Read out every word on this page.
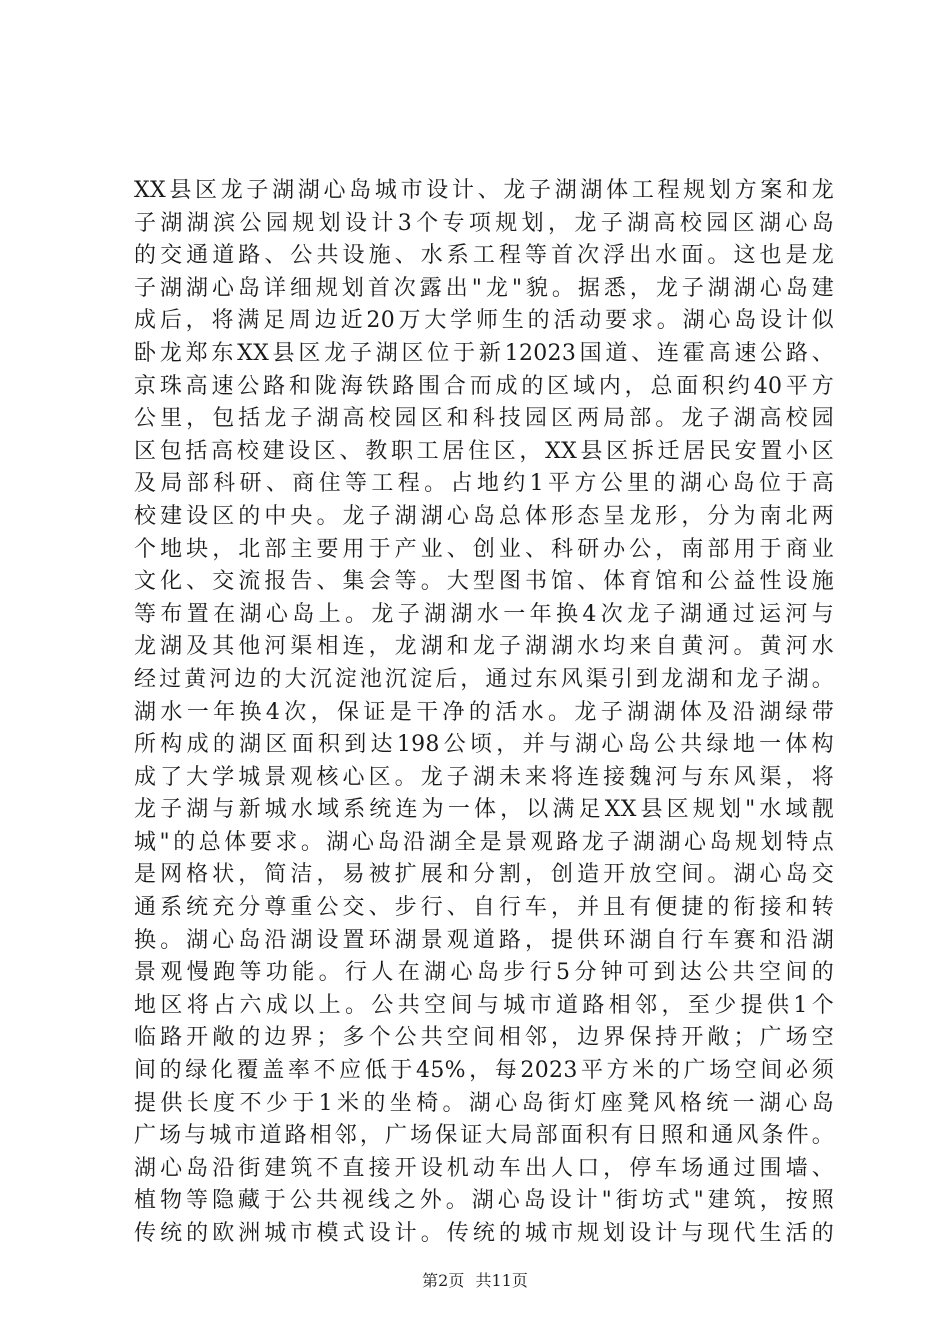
XX县区龙子湖湖心岛城市设计、龙子湖湖体工程规划方案和龙
子湖湖滨公园规划设计3个专项规划，龙子湖高校园区湖心岛
的交通道路、公共设施、水系工程等首次浮出水面。这也是龙
子湖湖心岛详细规划首次露出"龙"貌。据悉，龙子湖湖心岛建
成后，将满足周边近20万大学师生的活动要求。湖心岛设计似
卧龙郑东XX县区龙子湖区位于新12023国道、连霍高速公路、
京珠高速公路和陇海铁路围合而成的区域内，总面积约40平方
公里，包括龙子湖高校园区和科技园区两局部。龙子湖高校园
区包括高校建设区、教职工居住区，XX县区拆迁居民安置小区
及局部科研、商住等工程。占地约1平方公里的湖心岛位于高
校建设区的中央。龙子湖湖心岛总体形态呈龙形，分为南北两
个地块，北部主要用于产业、创业、科研办公，南部用于商业
文化、交流报告、集会等。大型图书馆、体育馆和公益性设施
等布置在湖心岛上。龙子湖湖水一年换4次龙子湖通过运河与
龙湖及其他河渠相连，龙湖和龙子湖湖水均来自黄河。黄河水
经过黄河边的大沉淀池沉淀后，通过东风渠引到龙湖和龙子湖。
湖水一年换4次，保证是干净的活水。龙子湖湖体及沿湖绿带
所构成的湖区面积到达198公顷，并与湖心岛公共绿地一体构
成了大学城景观核心区。龙子湖未来将连接魏河与东风渠，将
龙子湖与新城水域系统连为一体，以满足XX县区规划"水域靓
城"的总体要求。湖心岛沿湖全是景观路龙子湖湖心岛规划特点
是网格状，简洁，易被扩展和分割，创造开放空间。湖心岛交
通系统充分尊重公交、步行、自行车，并且有便捷的衔接和转
换。湖心岛沿湖设置环湖景观道路，提供环湖自行车赛和沿湖
景观慢跑等功能。行人在湖心岛步行5分钟可到达公共空间的
地区将占六成以上。公共空间与城市道路相邻，至少提供1个
临路开敞的边界；多个公共空间相邻，边界保持开敞；广场空
间的绿化覆盖率不应低于45%，每2023平方米的广场空间必须
提供长度不少于1米的坐椅。湖心岛街灯座凳风格统一湖心岛
广场与城市道路相邻，广场保证大局部面积有日照和通风条件。
湖心岛沿街建筑不直接开设机动车出人口，停车场通过围墙、
植物等隐藏于公共视线之外。湖心岛设计"街坊式"建筑，按照
传统的欧洲城市模式设计。传统的城市规划设计与现代生活的
第2页 共11页
